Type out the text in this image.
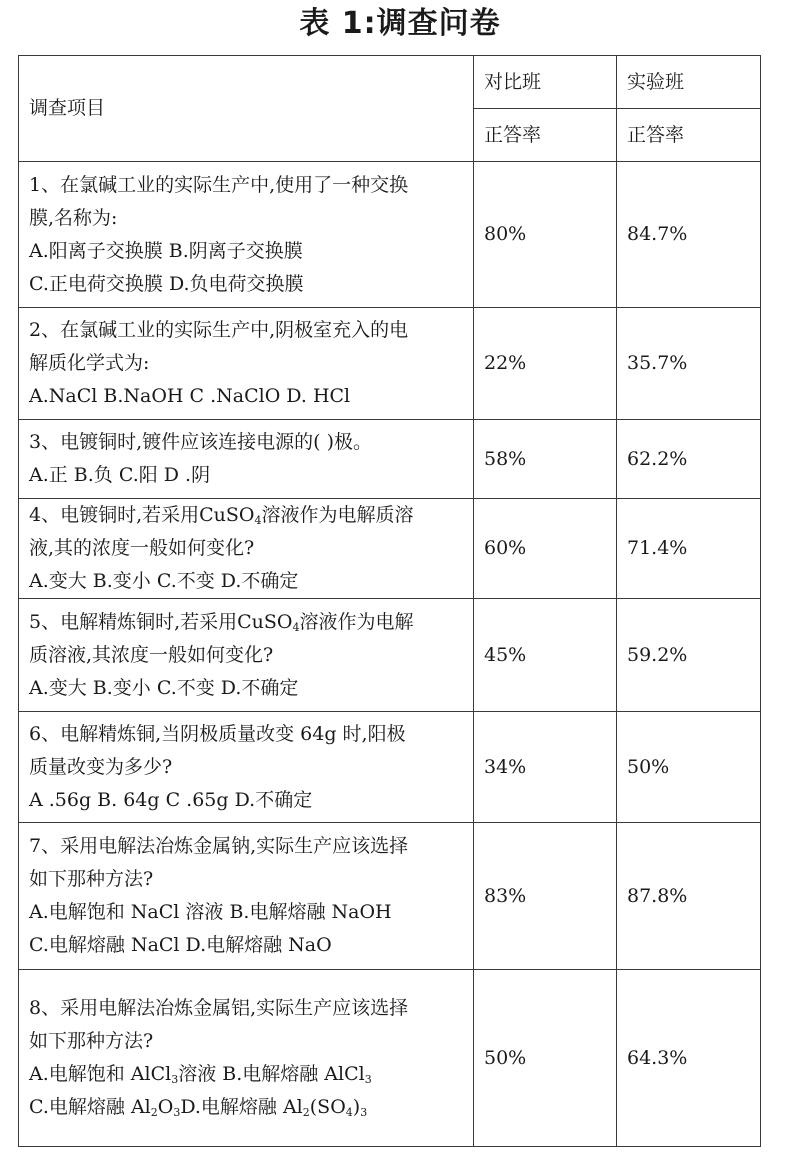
表 1:调查问卷
调查项目	对比班	实验班
	正答率	正答率

1、在氯碱工业的实际生产中,使用了一种交换
膜,名称为:
A.阳离子交换膜 B.阴离子交换膜
C.正电荷交换膜 D.负电荷交换膜	80%	84.7%

2、在氯碱工业的实际生产中,阴极室充入的电
解质化学式为:
A.NaCl B.NaOH C .NaClO D. HCl	22%	35.7%

3、电镀铜时,镀件应该连接电源的( )极。
A.正 B.负 C.阳 D .阴	58%	62.2%

4、电镀铜时,若采用CuSO$_4$溶液作为电解质溶
液,其的浓度一般如何变化?
A.变大 B.变小 C.不变 D.不确定	60%	71.4%

5、电解精炼铜时,若采用CuSO$_4$溶液作为电解
质溶液,其浓度一般如何变化?
A.变大 B.变小 C.不变 D.不确定	45%	59.2%

6、电解精炼铜,当阴极质量改变 64g 时,阳极
质量改变为多少?
A .56g B. 64g C .65g D.不确定	34%	50%

7、采用电解法冶炼金属钠,实际生产应该选择
如下那种方法?
A.电解饱和 NaCl 溶液 B.电解熔融 NaOH
C.电解熔融 NaCl D.电解熔融 NaO	83%	87.8%

8、采用电解法冶炼金属铝,实际生产应该选择
如下那种方法?
A.电解饱和 AlCl$_3$溶液 B.电解熔融 AlCl$_3$
C.电解熔融 $Al_2O_3D$.电解熔融 $Al_2(SO_4)_3$	50%	64.3%
